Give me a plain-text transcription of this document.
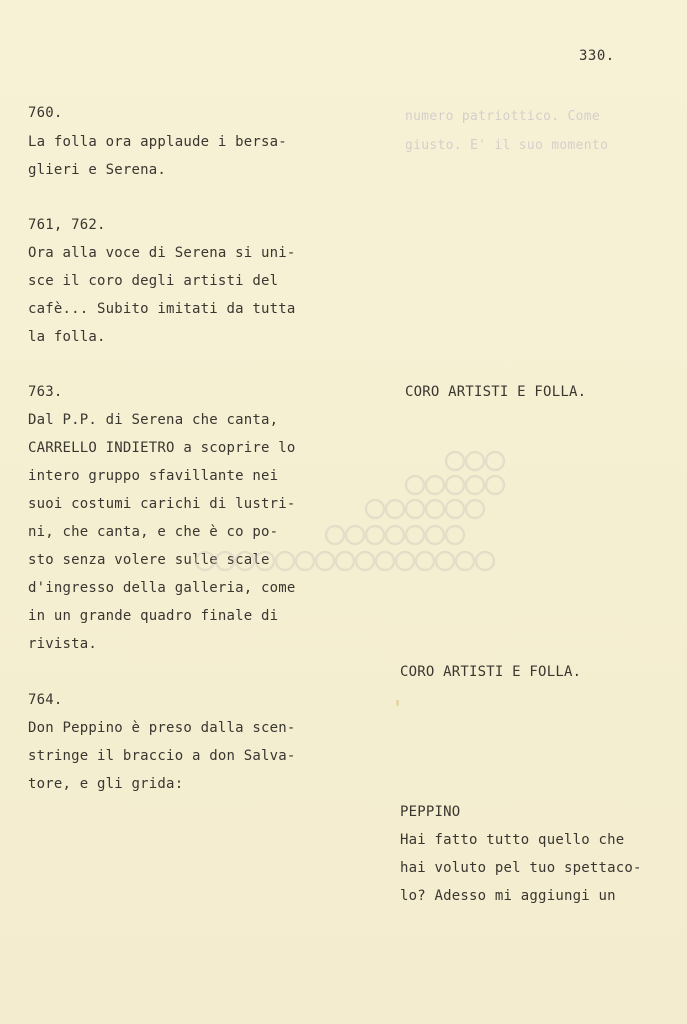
330.
numero patriottico. Come
giusto. E' il suo momento
760.
La folla ora applaude i bersa-
glieri e Serena.
761, 762.
Ora alla voce di Serena si uni-
sce il coro degli artisti del
cafè... Subito imitati da tutta
la folla.
763.
Dal P.P. di Serena che canta,
CARRELLO INDIETRO a scoprire lo
intero gruppo sfavillante nei
suoi costumi carichi di lustri-
ni, che canta, e che è co po-
sto senza volere sulle scale
d'ingresso della galleria, come
in un grande quadro finale di
rivista.
764.
Don Peppino è preso dalla scen-
stringe il braccio a don Salva-
tore, e gli grida:
CORO ARTISTI E FOLLA.
CORO ARTISTI E FOLLA.
PEPPINO
Hai fatto tutto quello che
hai voluto pel tuo spettaco-
lo? Adesso mi aggiungi un
